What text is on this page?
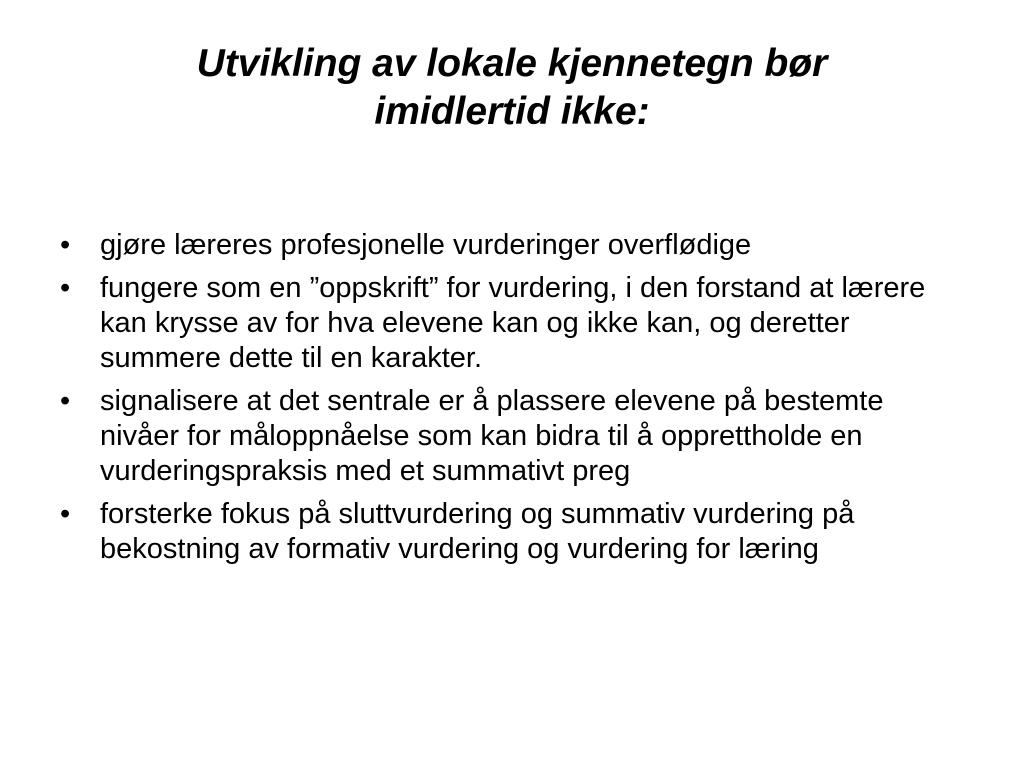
Utvikling av lokale kjennetegn bør
imidlertid ikke:
•	gjøre læreres profesjonelle vurderinger overflødige
•	fungere som en ”oppskrift” for vurdering, i den forstand at lærere kan krysse av for hva elevene kan og ikke kan, og deretter summere dette til en karakter.
•	signalisere at det sentrale er å plassere elevene på bestemte nivåer for måloppnåelse som kan bidra til å opprettholde en vurderingspraksis med et summativt preg
•	forsterke fokus på sluttvurdering og summativ vurdering på bekostning av formativ vurdering og vurdering for læring
